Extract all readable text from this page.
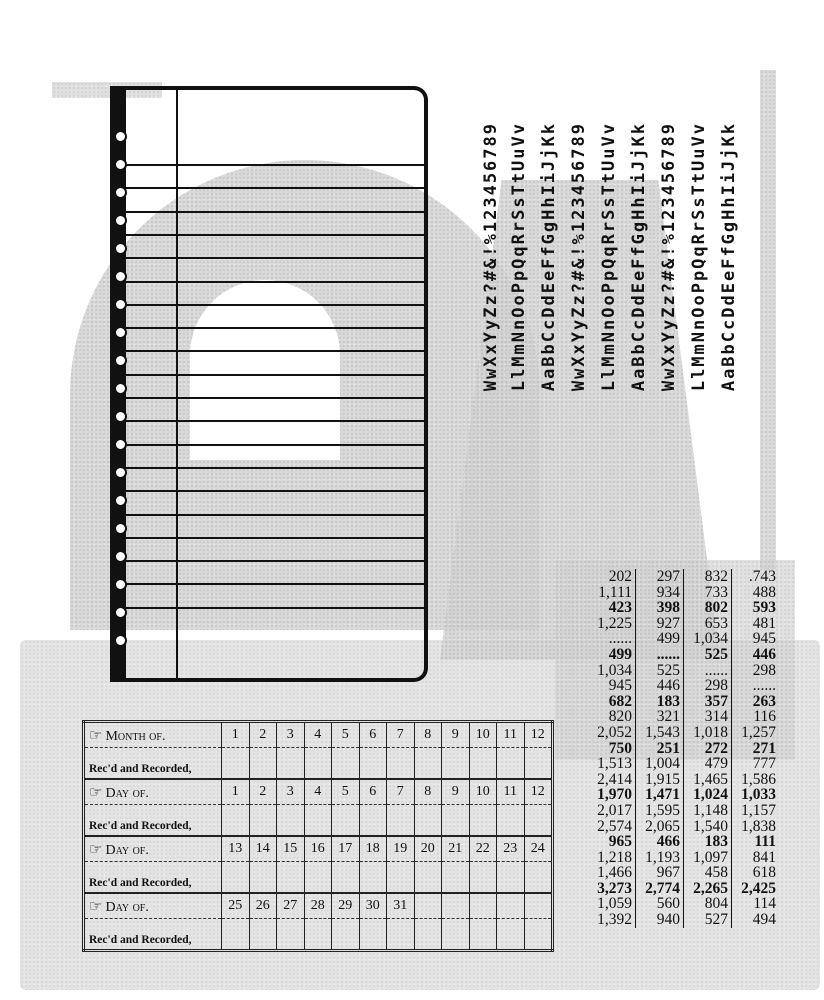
WwXxYyZz?#&!%123456789 LlMmNnOoPpQqRrSsTtUuVv AaBbCcDdEeFfGgHhIiJjKk WwXxYyZz?#&!%123456789 LlMmNnOoPpQqRrSsTtUuVv AaBbCcDdEeFfGgHhIiJjKk WwXxYyZz?#&!%123456789 LlMmNnOoPpQqRrSsTtUuVv AaBbCcDdEeFfGgHhIiJjKk
202	297	832	.743
1,111	934	733	488
423	398	802	593
1,225	927	653	481
......	499	1,034	945
499	......	525	446
1,034	525	......	298
945	446	298	......
682	183	357	263
820	321	314	116
2,052	1,543	1,018	1,257
750	251	272	271
1,513	1,004	479	777
2,414	1,915	1,465	1,586
1,970	1,471	1,024	1,033
2,017	1,595	1,148	1,157
2,574	2,065	1,540	1,838
965	466	183	111
1,218	1,193	1,097	841
1,466	967	458	618
3,273	2,774	2,265	2,425
1,059	560	804	114
1,392	940	527	494
☞ Month of.	1	2	3	4	5	6	7	8	9	10	11	12
Rec'd and Recorded,												
☞ Day of.	1	2	3	4	5	6	7	8	9	10	11	12
Rec'd and Recorded,												
☞ Day of.	13	14	15	16	17	18	19	20	21	22	23	24
Rec'd and Recorded,												
☞ Day of.	25	26	27	28	29	30	31					
Rec'd and Recorded,												
